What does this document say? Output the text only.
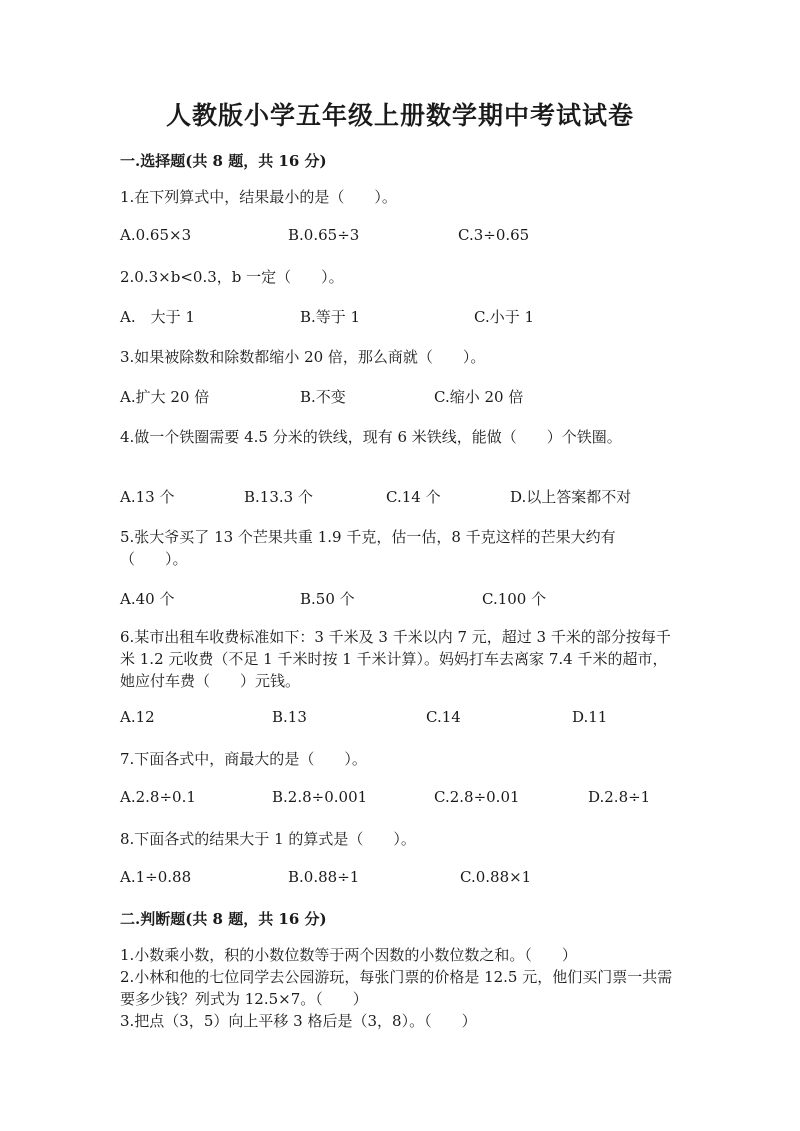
人教版小学五年级上册数学期中考试试卷
一.选择题(共 8 题，共 16 分)
1.在下列算式中，结果最小的是（　　）。
A.0.65×3	B.0.65÷3	C.3÷0.65
2.0.3×b<0.3，b 一定（　　）。
A.　大于 1	B.等于 1	C.小于 1
3.如果被除数和除数都缩小 20 倍，那么商就（　　）。
A.扩大 20 倍	B.不变	C.缩小 20 倍
4.做一个铁圈需要 4.5 分米的铁线，现有 6 米铁线，能做（　　）个铁圈。
A.13 个	B.13.3 个	C.14 个	D.以上答案都不对
5.张大爷买了 13 个芒果共重 1.9 千克，估一估，8 千克这样的芒果大约有（　　）。
A.40 个	B.50 个	C.100 个
6.某市出租车收费标准如下：3 千米及 3 千米以内 7 元，超过 3 千米的部分按每千米 1.2 元收费（不足 1 千米时按 1 千米计算）。妈妈打车去离家 7.4 千米的超市，她应付车费（　　）元钱。
A.12	B.13	C.14	D.11
7.下面各式中，商最大的是（　　）。
A.2.8÷0.1	B.2.8÷0.001	C.2.8÷0.01	D.2.8÷1
8.下面各式的结果大于 1 的算式是（　　）。
A.1÷0.88	B.0.88÷1	C.0.88×1
二.判断题(共 8 题，共 16 分)
1.小数乘小数，积的小数位数等于两个因数的小数位数之和。（　　）
2.小林和他的七位同学去公园游玩，每张门票的价格是 12.5 元，他们买门票一共需要多少钱？列式为 12.5×7。（　　）
3.把点（3，5）向上平移 3 格后是（3，8）。（　　）
